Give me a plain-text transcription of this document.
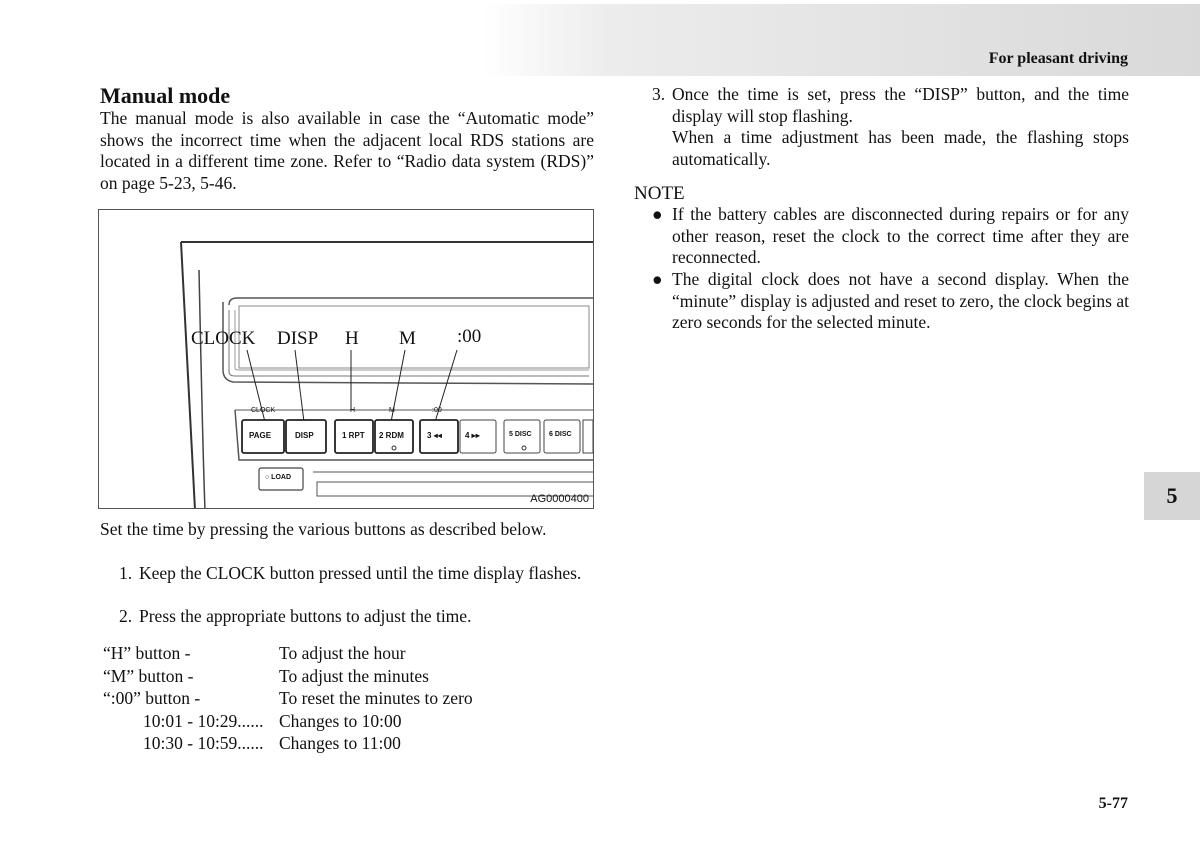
For pleasant driving
Manual mode
The manual mode is also available in case the “Automatic mode” shows the incorrect time when the adjacent local RDS stations are located in a different time zone. Refer to “Radio data system (RDS)” on page 5-23, 5-46.
CLOCK	H	M	:00
PAGE	DISP	1 RPT 2 RDM	3 ◂◂	4 ▸▸	5 DISC 6 DISC
○ LOAD
CLOCK DISP H M :00
AG0000400
Set the time by pressing the various buttons as described below.
1. Keep the CLOCK button pressed until the time display flashes.
2. Press the appropriate buttons to adjust the time.
“H” button -	To adjust the hour
“M” button -	To adjust the minutes
“:00” button -	To reset the minutes to zero
10:01 - 10:29...... Changes to 10:00
10:30 - 10:59...... Changes to 11:00
3. Once the time is set, press the “DISP” button, and the time display will stop flashing.
When a time adjustment has been made, the flashing stops automatically.
NOTE
● If the battery cables are disconnected during repairs or for any other reason, reset the clock to the correct time after they are reconnected.
● The digital clock does not have a second display. When the “minute” display is adjusted and reset to zero, the clock begins at zero seconds for the selected minute.
5
5-77
